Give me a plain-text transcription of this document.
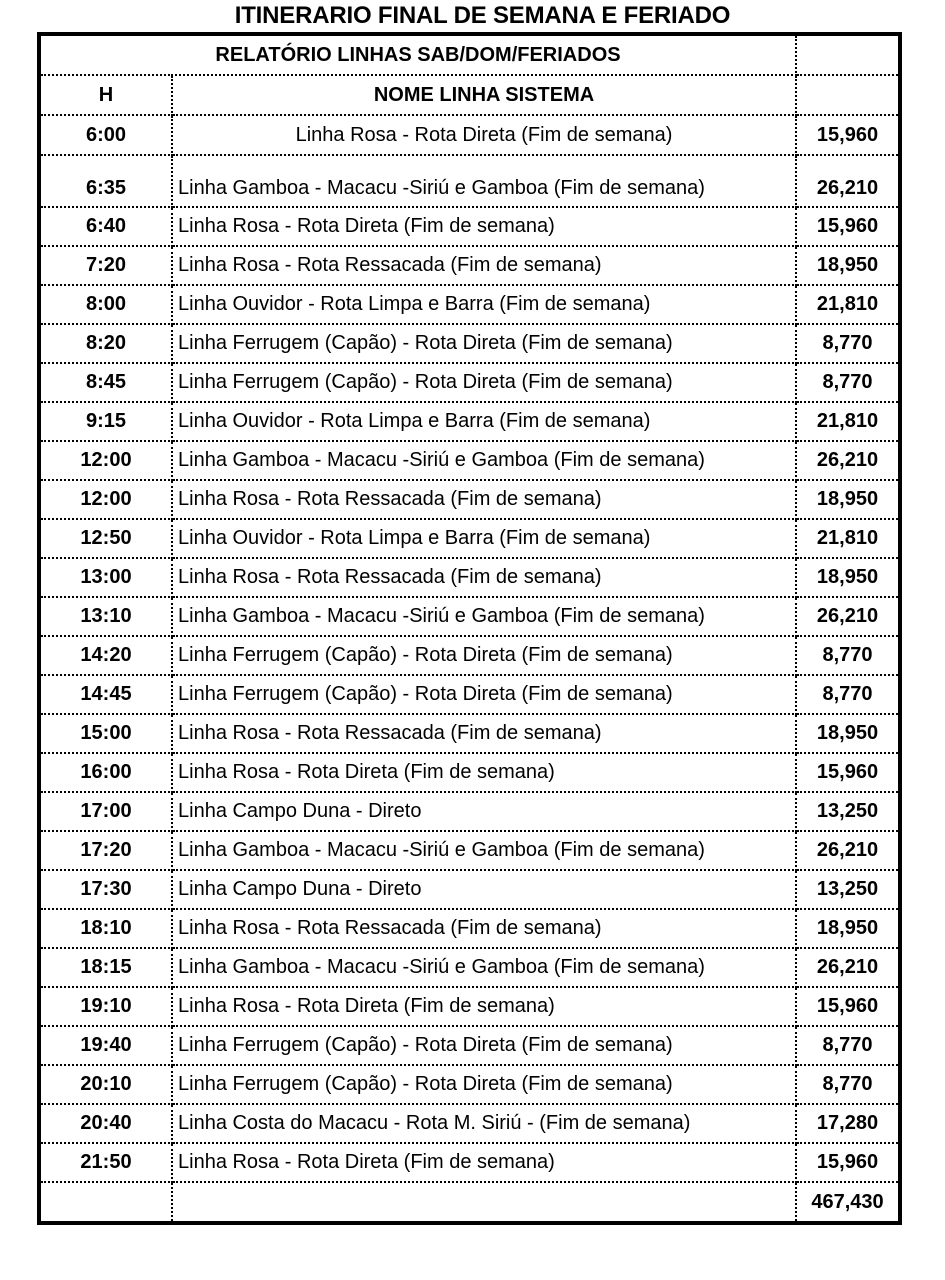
ITINERARIO FINAL DE SEMANA E FERIADO
RELATÓRIO LINHAS SAB/DOM/FERIADOS		
H	NOME LINHA SISTEMA	
6:00	Linha Rosa - Rota Direta (Fim de semana)	15,960
6:35	Linha Gamboa - Macacu -Siriú e Gamboa (Fim de semana)	26,210
6:40	Linha Rosa - Rota Direta (Fim de semana)	15,960
7:20	Linha Rosa - Rota Ressacada (Fim de semana)	18,950
8:00	Linha Ouvidor - Rota Limpa e Barra (Fim de semana)	21,810
8:20	Linha Ferrugem (Capão) - Rota Direta (Fim de semana)	8,770
8:45	Linha Ferrugem (Capão) - Rota Direta (Fim de semana)	8,770
9:15	Linha Ouvidor - Rota Limpa e Barra (Fim de semana)	21,810
12:00	Linha Gamboa - Macacu -Siriú e Gamboa (Fim de semana)	26,210
12:00	Linha Rosa - Rota Ressacada (Fim de semana)	18,950
12:50	Linha Ouvidor - Rota Limpa e Barra (Fim de semana)	21,810
13:00	Linha Rosa - Rota Ressacada (Fim de semana)	18,950
13:10	Linha Gamboa - Macacu -Siriú e Gamboa (Fim de semana)	26,210
14:20	Linha Ferrugem (Capão) - Rota Direta (Fim de semana)	8,770
14:45	Linha Ferrugem (Capão) - Rota Direta (Fim de semana)	8,770
15:00	Linha Rosa - Rota Ressacada (Fim de semana)	18,950
16:00	Linha Rosa - Rota Direta (Fim de semana)	15,960
17:00	Linha Campo Duna - Direto	13,250
17:20	Linha Gamboa - Macacu -Siriú e Gamboa (Fim de semana)	26,210
17:30	Linha Campo Duna - Direto	13,250
18:10	Linha Rosa - Rota Ressacada (Fim de semana)	18,950
18:15	Linha Gamboa - Macacu -Siriú e Gamboa (Fim de semana)	26,210
19:10	Linha Rosa - Rota Direta (Fim de semana)	15,960
19:40	Linha Ferrugem (Capão) - Rota Direta (Fim de semana)	8,770
20:10	Linha Ferrugem (Capão) - Rota Direta (Fim de semana)	8,770
20:40	Linha Costa do Macacu - Rota M. Siriú - (Fim de semana)	17,280
21:50	Linha Rosa - Rota Direta (Fim de semana)	15,960
		467,430
